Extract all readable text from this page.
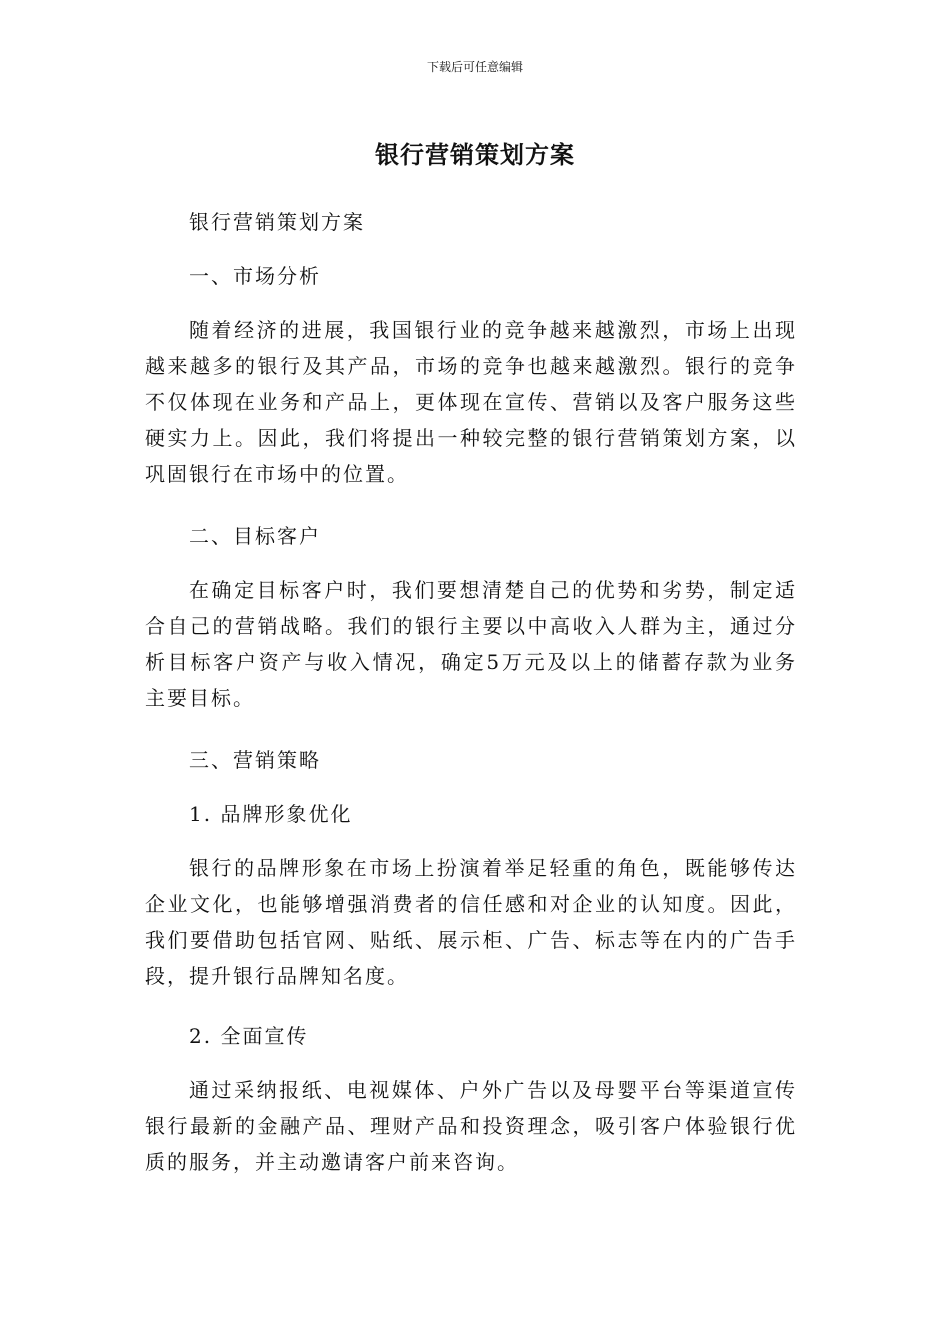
下载后可任意编辑
银行营销策划方案

银行营销策划方案

一、市场分析

随着经济的进展，我国银行业的竞争越来越激烈，市场上出现越来越多的银行及其产品，市场的竞争也越来越激烈。银行的竞争不仅体现在业务和产品上，更体现在宣传、营销以及客户服务这些硬实力上。因此，我们将提出一种较完整的银行营销策划方案，以巩固银行在市场中的位置。

二、目标客户

在确定目标客户时，我们要想清楚自己的优势和劣势，制定适合自己的营销战略。我们的银行主要以中高收入人群为主，通过分析目标客户资产与收入情况，确定5万元及以上的储蓄存款为业务主要目标。

三、营销策略

1. 品牌形象优化

银行的品牌形象在市场上扮演着举足轻重的角色，既能够传达企业文化，也能够增强消费者的信任感和对企业的认知度。因此，我们要借助包括官网、贴纸、展示柜、广告、标志等在内的广告手段，提升银行品牌知名度。

2. 全面宣传

通过采纳报纸、电视媒体、户外广告以及母婴平台等渠道宣传银行最新的金融产品、理财产品和投资理念，吸引客户体验银行优质的服务，并主动邀请客户前来咨询。
